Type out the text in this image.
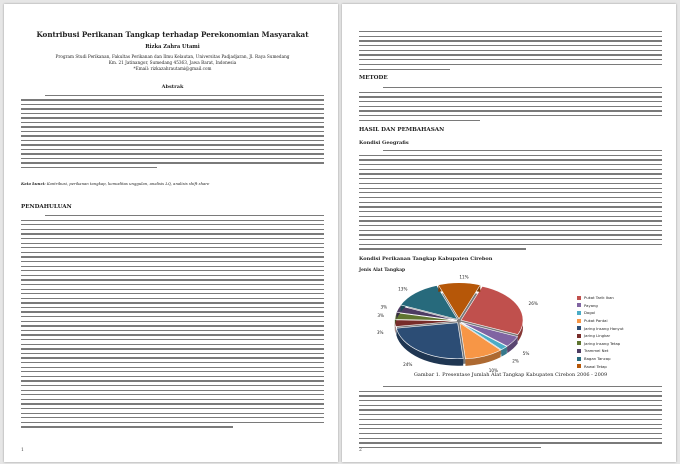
Kontribusi Perikanan Tangkap terhadap Perekonomian Masyarakat
Rizka Zahra Utami
Program Studi Perikanan, Fakultas Perikanan dan Ilmu Kelautan, Universitas Padjadjaran, Jl. Raya Sumedang
Km. 21 Jatinangor, Sumedang 45363, Jawa Barat, Indonesia
*Email: rizkazahrautami@gmail.com
Abstrak
Kata kunci: Kontribusi, perikanan tangkap, komoditas unggulan, analisis LQ, analisis shift share
PENDAHULUAN
1
METODE
HASIL DAN PEMBAHASAN
Kondisi Geografis
Kondisi Perikanan Tangkap Kabupaten Cirebon
Jenis Alat Tangkap
26%
5%
2%
10%
24%
3%
3%
3%
13%
11%
Pukat Tarik Ikan
Payang
Dogol
Pukat Pantai
Jaring Insang Hanyut
Jaring Lingkar
Jaring Insang Tetap
Trammel Net
Bagan Tancap
Rawai Tetap
Gambar 1. Presentase Jumlah Alat Tangkap Kabupaten Cirebon 2006 - 2009
2
